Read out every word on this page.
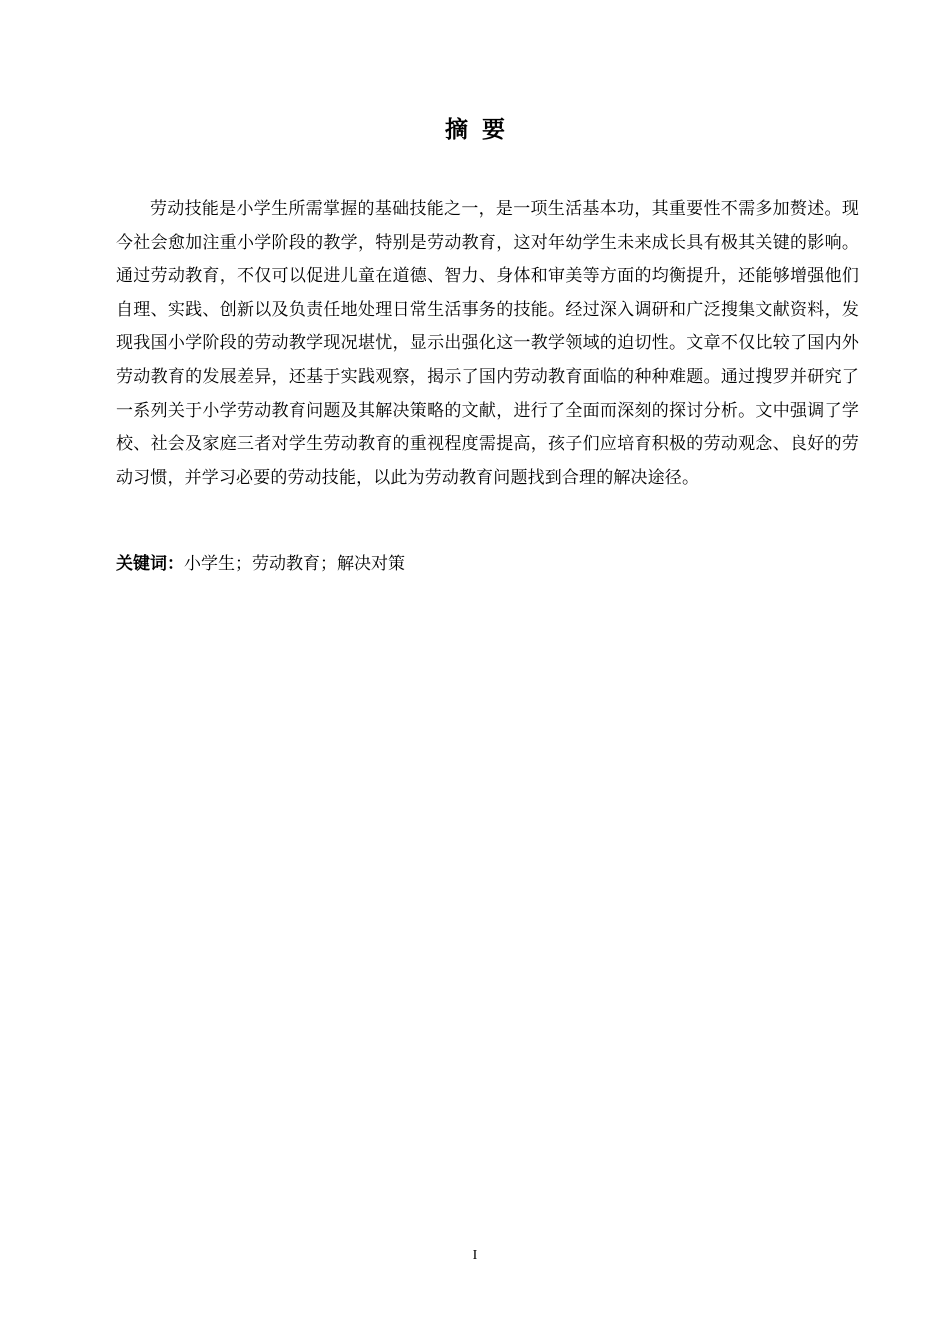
摘要

劳动技能是小学生所需掌握的基础技能之一，是一项生活基本功，其重要性不需多加赘述。现今社会愈加注重小学阶段的教学，特别是劳动教育，这对年幼学生未来成长具有极其关键的影响。通过劳动教育，不仅可以促进儿童在道德、智力、身体和审美等方面的均衡提升，还能够增强他们自理、实践、创新以及负责任地处理日常生活事务的技能。经过深入调研和广泛搜集文献资料，发现我国小学阶段的劳动教学现况堪忧，显示出强化这一教学领域的迫切性。文章不仅比较了国内外劳动教育的发展差异，还基于实践观察，揭示了国内劳动教育面临的种种难题。通过搜罗并研究了一系列关于小学劳动教育问题及其解决策略的文献，进行了全面而深刻的探讨分析。文中强调了学校、社会及家庭三者对学生劳动教育的重视程度需提高，孩子们应培育积极的劳动观念、良好的劳动习惯，并学习必要的劳动技能，以此为劳动教育问题找到合理的解决途径。

关键词：小学生；劳动教育；解决对策

I
